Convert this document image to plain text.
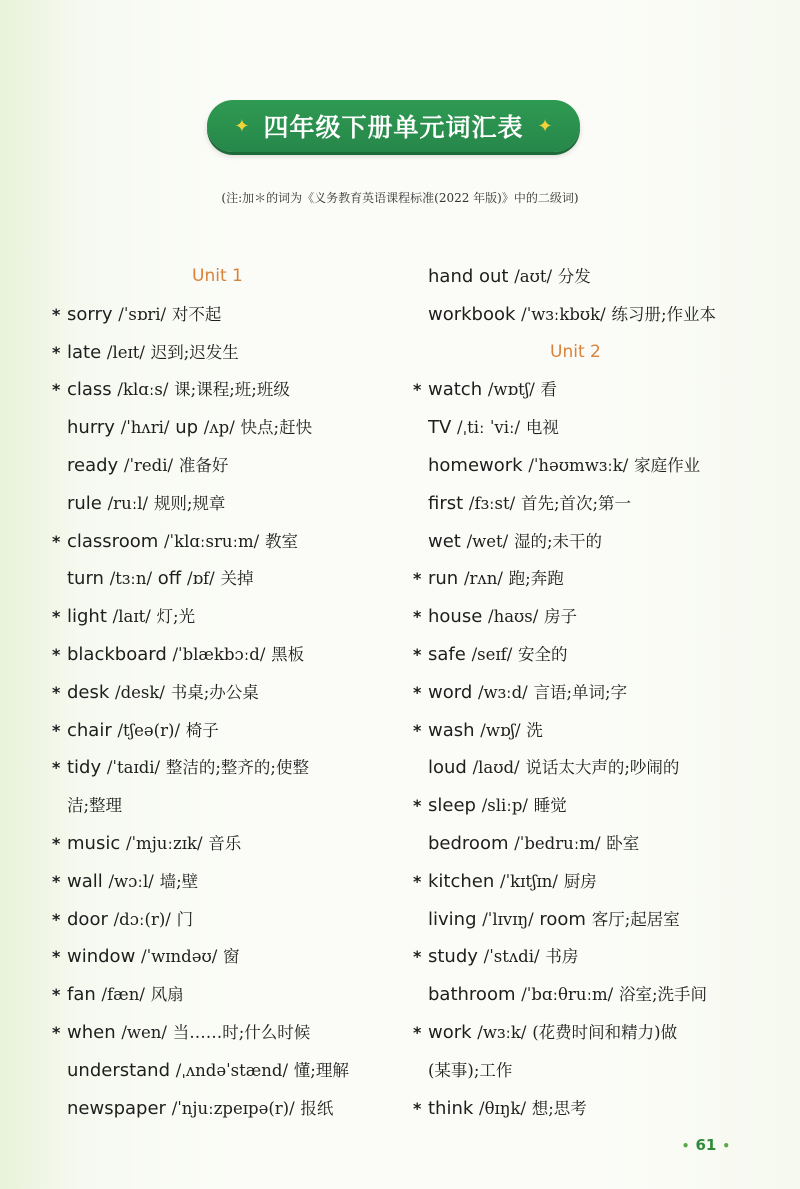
✦ 四年级下册单元词汇表 ✦
(注:加＊的词为《义务教育英语课程标准(2022 年版)》中的二级词)
Unit 1
* sorry /ˈsɒri/ 对不起
* late /leɪt/ 迟到;迟发生
* class /klɑːs/ 课;课程;班;班级
hurry /ˈhʌri/ up /ʌp/ 快点;赶快
ready /ˈredi/ 准备好
rule /ruːl/ 规则;规章
* classroom /ˈklɑːsruːm/ 教室
turn /tɜːn/ off /ɒf/ 关掉
* light /laɪt/ 灯;光
* blackboard /ˈblækbɔːd/ 黑板
* desk /desk/ 书桌;办公桌
* chair /tʃeə(r)/ 椅子
* tidy /ˈtaɪdi/ 整洁的;整齐的;使整
洁;整理
* music /ˈmjuːzɪk/ 音乐
* wall /wɔːl/ 墙;壁
* door /dɔː(r)/ 门
* window /ˈwɪndəʊ/ 窗
* fan /fæn/ 风扇
* when /wen/ 当……时;什么时候
understand /ˌʌndəˈstænd/ 懂;理解
newspaper /ˈnjuːzpeɪpə(r)/ 报纸
hand out /aʊt/ 分发
workbook /ˈwɜːkbʊk/ 练习册;作业本
Unit 2
* watch /wɒtʃ/ 看
TV /ˌtiː ˈviː/ 电视
homework /ˈhəʊmwɜːk/ 家庭作业
first /fɜːst/ 首先;首次;第一
wet /wet/ 湿的;未干的
* run /rʌn/ 跑;奔跑
* house /haʊs/ 房子
* safe /seɪf/ 安全的
* word /wɜːd/ 言语;单词;字
* wash /wɒʃ/ 洗
loud /laʊd/ 说话太大声的;吵闹的
* sleep /sliːp/ 睡觉
bedroom /ˈbedruːm/ 卧室
* kitchen /ˈkɪtʃɪn/ 厨房
living /ˈlɪvɪŋ/ room 客厅;起居室
* study /ˈstʌdi/ 书房
bathroom /ˈbɑːθruːm/ 浴室;洗手间
* work /wɜːk/ (花费时间和精力)做
(某事);工作
* think /θɪŋk/ 想;思考
• 61 •
